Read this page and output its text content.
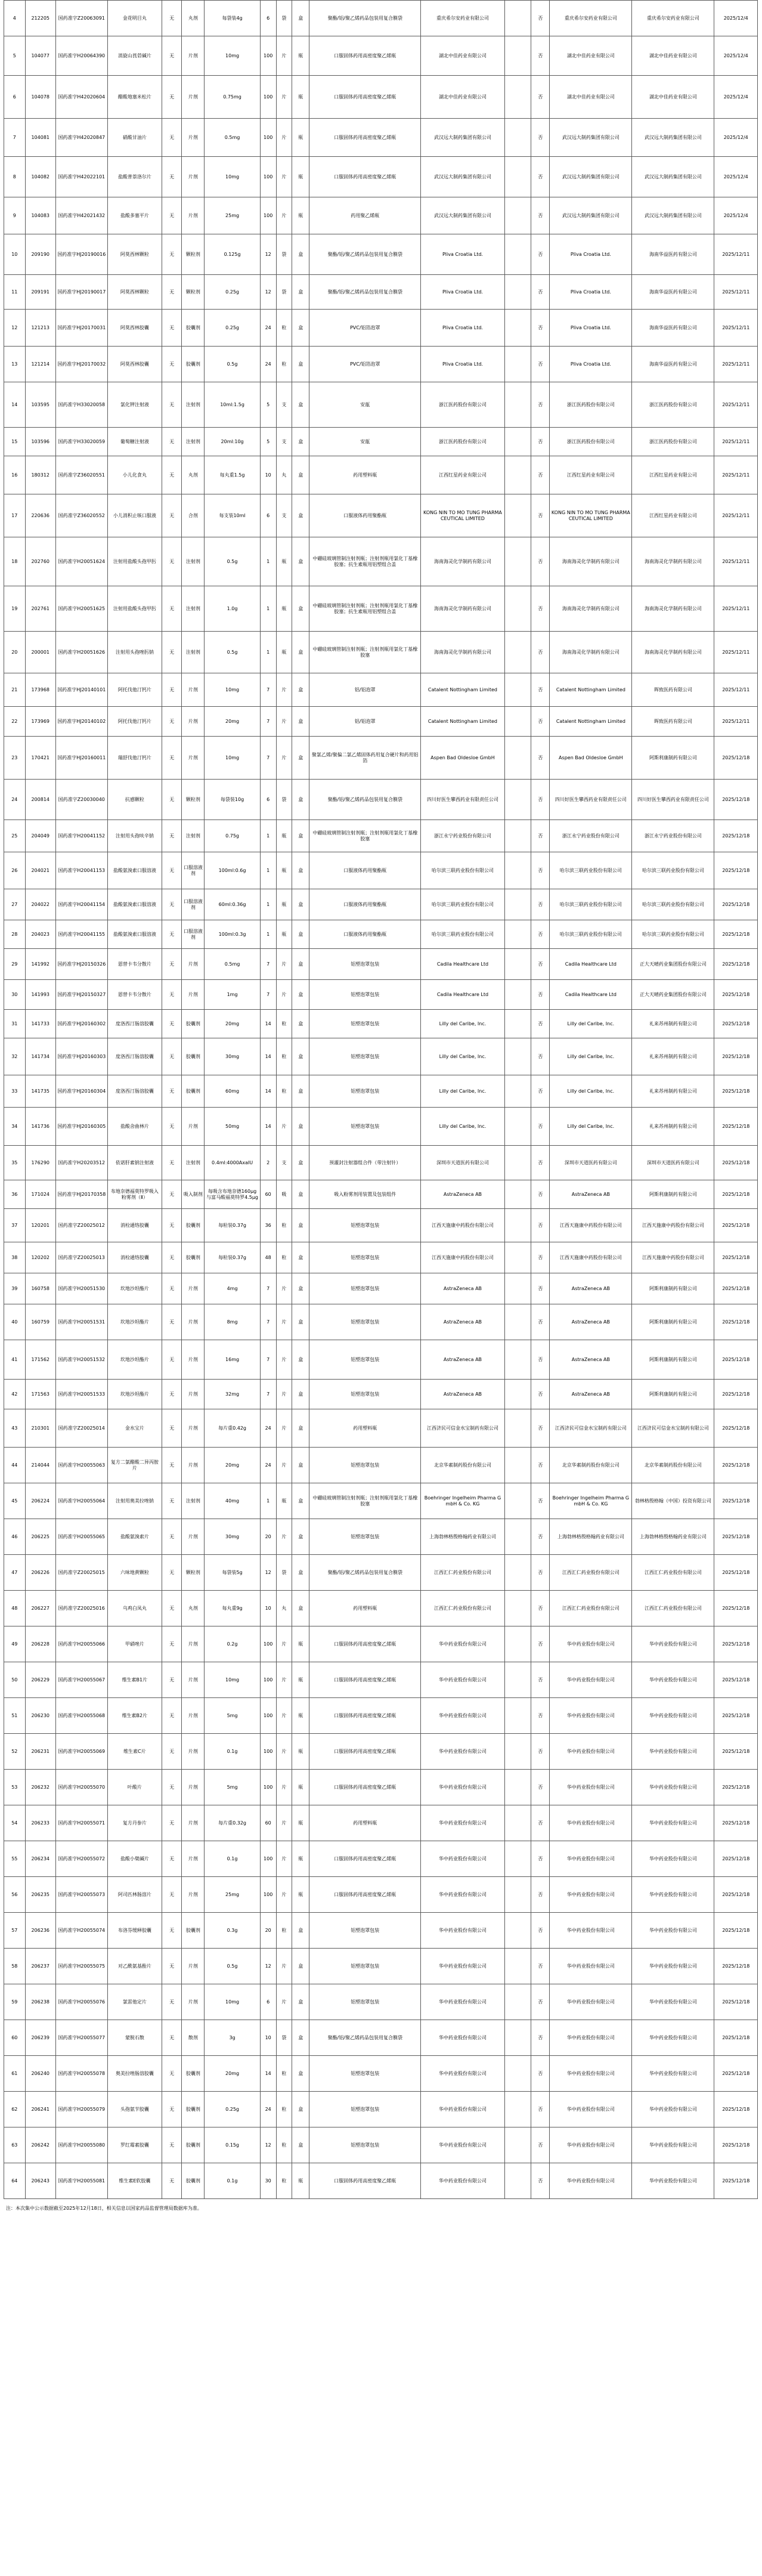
4	212205	国药准字Z20063091	金花明目丸	无	丸剂	每袋装4g	6	袋	盒	聚酯/铝/聚乙烯药品包装用复合膜袋	重庆希尔安药业有限公司		否	重庆希尔安药业有限公司	重庆希尔安药业有限公司	2025/12/4
5	104077	国药准字H20064390	消旋山莨菪碱片	无	片剂	10mg	100	片	瓶	口服固体药用高密度聚乙烯瓶	湖北中佳药业有限公司		否	湖北中佳药业有限公司	湖北中佳药业有限公司	2025/12/4
6	104078	国药准字H42020604	醋酸地塞米松片	无	片剂	0.75mg	100	片	瓶	口服固体药用高密度聚乙烯瓶	湖北中佳药业有限公司		否	湖北中佳药业有限公司	湖北中佳药业有限公司	2025/12/4
7	104081	国药准字H42020847	硝酸甘油片	无	片剂	0.5mg	100	片	瓶	口服固体药用高密度聚乙烯瓶	武汉远大制药集团有限公司		否	武汉远大制药集团有限公司	武汉远大制药集团有限公司	2025/12/4
8	104082	国药准字H42022101	盐酸普萘洛尔片	无	片剂	10mg	100	片	瓶	口服固体药用高密度聚乙烯瓶	武汉远大制药集团有限公司		否	武汉远大制药集团有限公司	武汉远大制药集团有限公司	2025/12/4
9	104083	国药准字H42021432	盐酸多塞平片	无	片剂	25mg	100	片	瓶	药用聚乙烯瓶	武汉远大制药集团有限公司		否	武汉远大制药集团有限公司	武汉远大制药集团有限公司	2025/12/4
10	209190	国药准字HJ20190016	阿莫西林颗粒	无	颗粒剂	0.125g	12	袋	盒	聚酯/铝/聚乙烯药品包装用复合膜袋	Pliva Croatia Ltd.		否	Pliva Croatia Ltd.	海南华益医药有限公司	2025/12/11
11	209191	国药准字HJ20190017	阿莫西林颗粒	无	颗粒剂	0.25g	12	袋	盒	聚酯/铝/聚乙烯药品包装用复合膜袋	Pliva Croatia Ltd.		否	Pliva Croatia Ltd.	海南华益医药有限公司	2025/12/11
12	121213	国药准字HJ20170031	阿莫西林胶囊	无	胶囊剂	0.25g	24	粒	盒	PVC/铝箔泡罩	Pliva Croatia Ltd.		否	Pliva Croatia Ltd.	海南华益医药有限公司	2025/12/11
13	121214	国药准字HJ20170032	阿莫西林胶囊	无	胶囊剂	0.5g	24	粒	盒	PVC/铝箔泡罩	Pliva Croatia Ltd.		否	Pliva Croatia Ltd.	海南华益医药有限公司	2025/12/11
14	103595	国药准字H33020058	氯化钾注射液	无	注射剂	10ml:1.5g	5	支	盒	安瓿	浙江医药股份有限公司		否	浙江医药股份有限公司	浙江医药股份有限公司	2025/12/11
15	103596	国药准字H33020059	葡萄糖注射液	无	注射剂	20ml:10g	5	支	盒	安瓿	浙江医药股份有限公司		否	浙江医药股份有限公司	浙江医药股份有限公司	2025/12/11
16	180312	国药准字Z36020551	小儿化食丸	无	丸剂	每丸重1.5g	10	丸	盒	药用塑料瓶	江西红星药业有限公司		否	江西红星药业有限公司	江西红星药业有限公司	2025/12/11
17	220636	国药准字Z36020552	小儿消积止咳口服液	无	合剂	每支装10ml	6	支	盒	口服液体药用聚酯瓶	KONG NIN TO MO TUNG PHARMACEUTICAL LIMITED		否	KONG NIN TO MO TUNG PHARMACEUTICAL LIMITED	江西红星药业有限公司	2025/12/11
18	202760	国药准字H20051624	注射用盐酸头孢甲肟	无	注射剂	0.5g	1	瓶	盒	中硼硅玻璃管制注射剂瓶；注射剂瓶用氯化丁基橡胶塞；抗生素瓶用铝塑组合盖	海南海灵化学制药有限公司		否	海南海灵化学制药有限公司	海南海灵化学制药有限公司	2025/12/11
19	202761	国药准字H20051625	注射用盐酸头孢甲肟	无	注射剂	1.0g	1	瓶	盒	中硼硅玻璃管制注射剂瓶；注射剂瓶用氯化丁基橡胶塞；抗生素瓶用铝塑组合盖	海南海灵化学制药有限公司		否	海南海灵化学制药有限公司	海南海灵化学制药有限公司	2025/12/11
20	200001	国药准字H20051626	注射用头孢唑肟钠	无	注射剂	0.5g	1	瓶	盒	中硼硅玻璃管制注射剂瓶；注射剂瓶用氯化丁基橡胶塞	海南海灵化学制药有限公司		否	海南海灵化学制药有限公司	海南海灵化学制药有限公司	2025/12/11
21	173968	国药准字HJ20140101	阿托伐他汀钙片	无	片剂	10mg	7	片	盒	铝/铝泡罩	Catalent Nottingham Limited		否	Catalent Nottingham Limited	晖致医药有限公司	2025/12/11
22	173969	国药准字HJ20140102	阿托伐他汀钙片	无	片剂	20mg	7	片	盒	铝/铝泡罩	Catalent Nottingham Limited		否	Catalent Nottingham Limited	晖致医药有限公司	2025/12/11
23	170421	国药准字HJ20160011	瑞舒伐他汀钙片	无	片剂	10mg	7	片	盒	聚氯乙烯/聚偏二氯乙烯固体药用复合硬片和药用铝箔	Aspen Bad Oldesloe GmbH		否	Aspen Bad Oldesloe GmbH	阿斯利康制药有限公司	2025/12/18
24	200814	国药准字Z20030040	抗感颗粒	无	颗粒剂	每袋装10g	6	袋	盒	聚酯/铝/聚乙烯药品包装用复合膜袋	四川好医生攀西药业有限责任公司		否	四川好医生攀西药业有限责任公司	四川好医生攀西药业有限责任公司	2025/12/18
25	204049	国药准字H20041152	注射用头孢呋辛钠	无	注射剂	0.75g	1	瓶	盒	中硼硅玻璃管制注射剂瓶；注射剂瓶用氯化丁基橡胶塞	浙江永宁药业股份有限公司		否	浙江永宁药业股份有限公司	浙江永宁药业股份有限公司	2025/12/18
26	204021	国药准字H20041153	盐酸氨溴索口服溶液	无	口服溶液剂	100ml:0.6g	1	瓶	盒	口服液体药用聚酯瓶	哈尔滨三联药业股份有限公司		否	哈尔滨三联药业股份有限公司	哈尔滨三联药业股份有限公司	2025/12/18
27	204022	国药准字H20041154	盐酸氨溴索口服溶液	无	口服溶液剂	60ml:0.36g	1	瓶	盒	口服液体药用聚酯瓶	哈尔滨三联药业股份有限公司		否	哈尔滨三联药业股份有限公司	哈尔滨三联药业股份有限公司	2025/12/18
28	204023	国药准字H20041155	盐酸氨溴索口服溶液	无	口服溶液剂	100ml:0.3g	1	瓶	盒	口服液体药用聚酯瓶	哈尔滨三联药业股份有限公司		否	哈尔滨三联药业股份有限公司	哈尔滨三联药业股份有限公司	2025/12/18
29	141992	国药准字HJ20150326	恩替卡韦分散片	无	片剂	0.5mg	7	片	盒	铝塑泡罩包装	Cadila Healthcare Ltd		否	Cadila Healthcare Ltd	正大天晴药业集团股份有限公司	2025/12/18
30	141993	国药准字HJ20150327	恩替卡韦分散片	无	片剂	1mg	7	片	盒	铝塑泡罩包装	Cadila Healthcare Ltd		否	Cadila Healthcare Ltd	正大天晴药业集团股份有限公司	2025/12/18
31	141733	国药准字HJ20160302	度洛西汀肠溶胶囊	无	胶囊剂	20mg	14	粒	盒	铝塑泡罩包装	Lilly del Caribe, Inc.		否	Lilly del Caribe, Inc.	礼来苏州制药有限公司	2025/12/18
32	141734	国药准字HJ20160303	度洛西汀肠溶胶囊	无	胶囊剂	30mg	14	粒	盒	铝塑泡罩包装	Lilly del Caribe, Inc.		否	Lilly del Caribe, Inc.	礼来苏州制药有限公司	2025/12/18
33	141735	国药准字HJ20160304	度洛西汀肠溶胶囊	无	胶囊剂	60mg	14	粒	盒	铝塑泡罩包装	Lilly del Caribe, Inc.		否	Lilly del Caribe, Inc.	礼来苏州制药有限公司	2025/12/18
34	141736	国药准字HJ20160305	盐酸舍曲林片	无	片剂	50mg	14	片	盒	铝塑泡罩包装	Lilly del Caribe, Inc.		否	Lilly del Caribe, Inc.	礼来苏州制药有限公司	2025/12/18
35	176290	国药准字H20203512	依诺肝素钠注射液	无	注射剂	0.4ml:4000AxaIU	2	支	盒	预灌封注射器组合件（带注射针）	深圳市天道医药有限公司		否	深圳市天道医药有限公司	深圳市天道医药有限公司	2025/12/18
36	171024	国药准字HJ20170358	布地奈德福莫特罗吸入粉雾剂（Ⅱ）	无	吸入制剂	每吸含布地奈德160μg与富马酸福莫特罗4.5μg	60	吸	盒	吸入粉雾剂用装置及包装组件	AstraZeneca AB		否	AstraZeneca AB	阿斯利康制药有限公司	2025/12/18
37	120201	国药准字Z20025012	消栓通络胶囊	无	胶囊剂	每粒装0.37g	36	粒	盒	铝塑泡罩包装	江西天施康中药股份有限公司		否	江西天施康中药股份有限公司	江西天施康中药股份有限公司	2025/12/18
38	120202	国药准字Z20025013	消栓通络胶囊	无	胶囊剂	每粒装0.37g	48	粒	盒	铝塑泡罩包装	江西天施康中药股份有限公司		否	江西天施康中药股份有限公司	江西天施康中药股份有限公司	2025/12/18
39	160758	国药准字H20051530	坎地沙坦酯片	无	片剂	4mg	7	片	盒	铝塑泡罩包装	AstraZeneca AB		否	AstraZeneca AB	阿斯利康制药有限公司	2025/12/18
40	160759	国药准字H20051531	坎地沙坦酯片	无	片剂	8mg	7	片	盒	铝塑泡罩包装	AstraZeneca AB		否	AstraZeneca AB	阿斯利康制药有限公司	2025/12/18
41	171562	国药准字H20051532	坎地沙坦酯片	无	片剂	16mg	7	片	盒	铝塑泡罩包装	AstraZeneca AB		否	AstraZeneca AB	阿斯利康制药有限公司	2025/12/18
42	171563	国药准字H20051533	坎地沙坦酯片	无	片剂	32mg	7	片	盒	铝塑泡罩包装	AstraZeneca AB		否	AstraZeneca AB	阿斯利康制药有限公司	2025/12/18
43	210301	国药准字Z20025014	金水宝片	无	片剂	每片重0.42g	24	片	盒	药用塑料瓶	江西济民可信金水宝制药有限公司		否	江西济民可信金水宝制药有限公司	江西济民可信金水宝制药有限公司	2025/12/18
44	214044	国药准字H20055063	复方二氯醋酸二异丙胺片	无	片剂	20mg	24	片	盒	铝塑泡罩包装	北京华素制药股份有限公司		否	北京华素制药股份有限公司	北京华素制药股份有限公司	2025/12/18
45	206224	国药准字H20055064	注射用奥美拉唑钠	无	注射剂	40mg	1	瓶	盒	中硼硅玻璃管制注射剂瓶；注射剂瓶用氯化丁基橡胶塞	Boehringer Ingelheim Pharma GmbH & Co. KG		否	Boehringer Ingelheim Pharma GmbH & Co. KG	勃林格殷格翰（中国）投资有限公司	2025/12/18
46	206225	国药准字H20055065	盐酸氨溴索片	无	片剂	30mg	20	片	盒	铝塑泡罩包装	上海勃林格殷格翰药业有限公司		否	上海勃林格殷格翰药业有限公司	上海勃林格殷格翰药业有限公司	2025/12/18
47	206226	国药准字Z20025015	六味地黄颗粒	无	颗粒剂	每袋装5g	12	袋	盒	聚酯/铝/聚乙烯药品包装用复合膜袋	江西汇仁药业股份有限公司		否	江西汇仁药业股份有限公司	江西汇仁药业股份有限公司	2025/12/18
48	206227	国药准字Z20025016	乌鸡白凤丸	无	丸剂	每丸重9g	10	丸	盒	药用塑料瓶	江西汇仁药业股份有限公司		否	江西汇仁药业股份有限公司	江西汇仁药业股份有限公司	2025/12/18
49	206228	国药准字H20055066	甲硝唑片	无	片剂	0.2g	100	片	瓶	口服固体药用高密度聚乙烯瓶	华中药业股份有限公司		否	华中药业股份有限公司	华中药业股份有限公司	2025/12/18
50	206229	国药准字H20055067	维生素B1片	无	片剂	10mg	100	片	瓶	口服固体药用高密度聚乙烯瓶	华中药业股份有限公司		否	华中药业股份有限公司	华中药业股份有限公司	2025/12/18
51	206230	国药准字H20055068	维生素B2片	无	片剂	5mg	100	片	瓶	口服固体药用高密度聚乙烯瓶	华中药业股份有限公司		否	华中药业股份有限公司	华中药业股份有限公司	2025/12/18
52	206231	国药准字H20055069	维生素C片	无	片剂	0.1g	100	片	瓶	口服固体药用高密度聚乙烯瓶	华中药业股份有限公司		否	华中药业股份有限公司	华中药业股份有限公司	2025/12/18
53	206232	国药准字H20055070	叶酸片	无	片剂	5mg	100	片	瓶	口服固体药用高密度聚乙烯瓶	华中药业股份有限公司		否	华中药业股份有限公司	华中药业股份有限公司	2025/12/18
54	206233	国药准字H20055071	复方丹参片	无	片剂	每片重0.32g	60	片	瓶	药用塑料瓶	华中药业股份有限公司		否	华中药业股份有限公司	华中药业股份有限公司	2025/12/18
55	206234	国药准字H20055072	盐酸小檗碱片	无	片剂	0.1g	100	片	瓶	口服固体药用高密度聚乙烯瓶	华中药业股份有限公司		否	华中药业股份有限公司	华中药业股份有限公司	2025/12/18
56	206235	国药准字H20055073	阿司匹林肠溶片	无	片剂	25mg	100	片	瓶	口服固体药用高密度聚乙烯瓶	华中药业股份有限公司		否	华中药业股份有限公司	华中药业股份有限公司	2025/12/18
57	206236	国药准字H20055074	布洛芬缓释胶囊	无	胶囊剂	0.3g	20	粒	盒	铝塑泡罩包装	华中药业股份有限公司		否	华中药业股份有限公司	华中药业股份有限公司	2025/12/18
58	206237	国药准字H20055075	对乙酰氨基酚片	无	片剂	0.5g	12	片	盒	铝塑泡罩包装	华中药业股份有限公司		否	华中药业股份有限公司	华中药业股份有限公司	2025/12/18
59	206238	国药准字H20055076	氯雷他定片	无	片剂	10mg	6	片	盒	铝塑泡罩包装	华中药业股份有限公司		否	华中药业股份有限公司	华中药业股份有限公司	2025/12/18
60	206239	国药准字H20055077	蒙脱石散	无	散剂	3g	10	袋	盒	聚酯/铝/聚乙烯药品包装用复合膜袋	华中药业股份有限公司		否	华中药业股份有限公司	华中药业股份有限公司	2025/12/18
61	206240	国药准字H20055078	奥美拉唑肠溶胶囊	无	胶囊剂	20mg	14	粒	盒	铝塑泡罩包装	华中药业股份有限公司		否	华中药业股份有限公司	华中药业股份有限公司	2025/12/18
62	206241	国药准字H20055079	头孢氨苄胶囊	无	胶囊剂	0.25g	24	粒	盒	铝塑泡罩包装	华中药业股份有限公司		否	华中药业股份有限公司	华中药业股份有限公司	2025/12/18
63	206242	国药准字H20055080	罗红霉素胶囊	无	胶囊剂	0.15g	12	粒	盒	铝塑泡罩包装	华中药业股份有限公司		否	华中药业股份有限公司	华中药业股份有限公司	2025/12/18
64	206243	国药准字H20055081	维生素E软胶囊	无	胶囊剂	0.1g	30	粒	瓶	口服固体药用高密度聚乙烯瓶	华中药业股份有限公司		否	华中药业股份有限公司	华中药业股份有限公司	2025/12/18
注：本次集中公示数据截至2025年12月18日，相关信息以国家药品监督管理局数据库为准。
